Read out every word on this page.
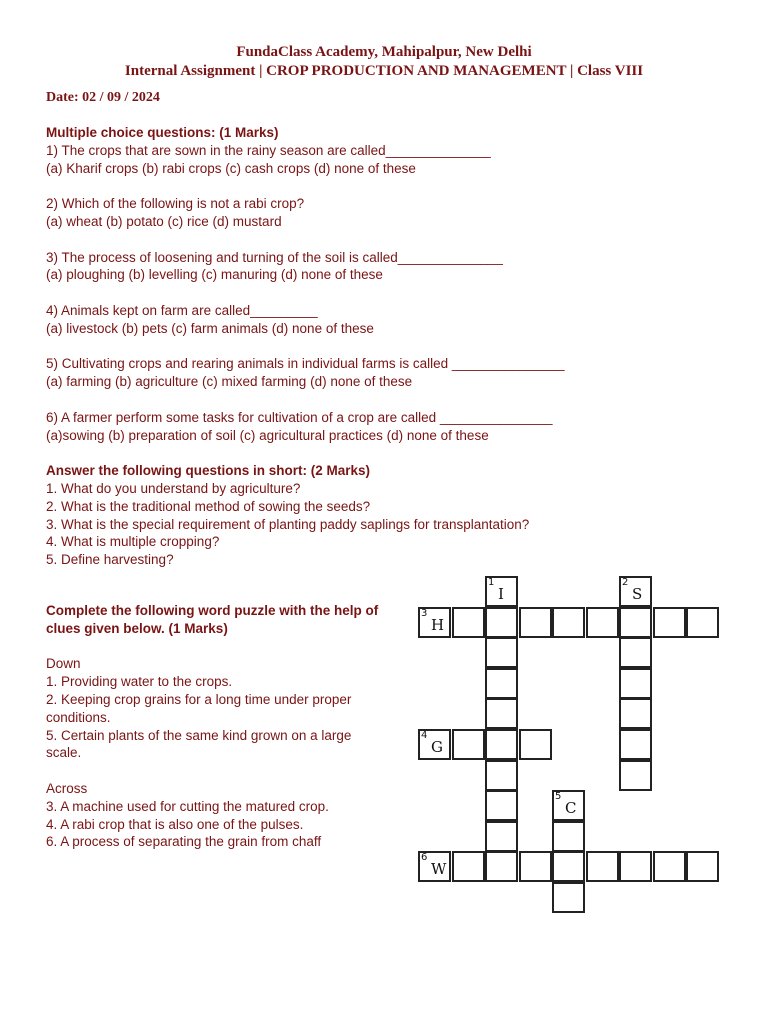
FundaClass Academy, Mahipalpur, New Delhi
Internal Assignment | CROP PRODUCTION AND MANAGEMENT | Class VIII
Date: 02 / 09 / 2024
Multiple choice questions: (1 Marks)
1) The crops that are sown in the rainy season are called______________
(a) Kharif crops (b) rabi crops (c) cash crops (d) none of these
2) Which of the following is not a rabi crop?
(a) wheat (b) potato (c) rice (d) mustard
3) The process of loosening and turning of the soil is called______________
(a) ploughing (b) levelling (c) manuring (d) none of these
4) Animals kept on farm are called_________
(a) livestock (b) pets (c) farm animals (d) none of these
5) Cultivating crops and rearing animals in individual farms is called _______________
(a) farming (b) agriculture (c) mixed farming (d) none of these
6) A farmer perform some tasks for cultivation of a crop are called _______________
(a)sowing (b) preparation of soil (c) agricultural practices (d) none of these
Answer the following questions in short: (2 Marks)
1. What do you understand by agriculture?
2. What is the traditional method of sowing the seeds?
3. What is the special requirement of planting paddy saplings for transplantation?
4. What is multiple cropping?
5. Define harvesting?
Complete the following word puzzle with the help of clues given below. (1 Marks)
Down
1. Providing water to the crops.
2. Keeping crop grains for a long time under proper conditions.
5. Certain plants of the same kind grown on a large scale.
Across
3. A machine used for cutting the matured crop.
4. A rabi crop that is also one of the pulses.
6. A process of separating the grain from chaff
1
I
2
S
3
H
4
G
5
C
6
W
